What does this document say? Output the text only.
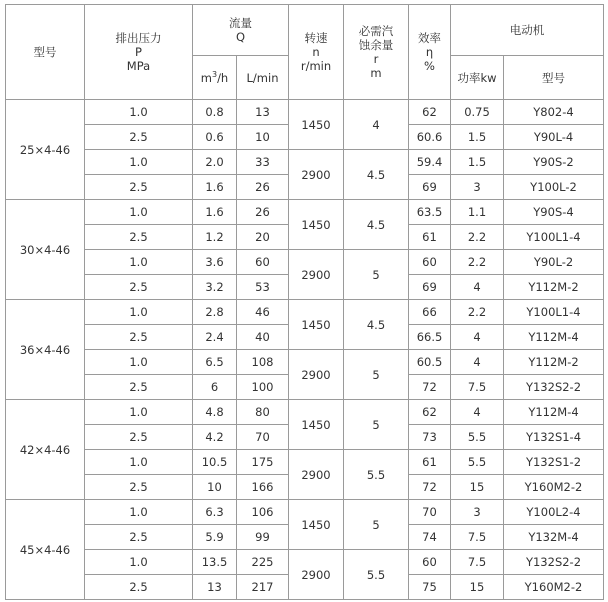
型号	排出压力
P
MPa	流量
Q		转速
n
r/min	必需汽
蚀余量
r
m	效率
η
%	电动机	
		$m^3/h$	L/min				功率kw	型号
25×4-46	1.0	0.8	13	1450	4	62	0.75	Y802-4
	2.5	0.6	10			60.6	1.5	Y90L-4
	1.0	2.0	33	2900	4.5	59.4	1.5	Y90S-2
	2.5	1.6	26			69	3	Y100L-2
30×4-46	1.0	1.6	26	1450	4.5	63.5	1.1	Y90S-4
	2.5	1.2	20			61	2.2	Y100L1-4
	1.0	3.6	60	2900	5	60	2.2	Y90L-2
	2.5	3.2	53			69	4	Y112M-2
36×4-46	1.0	2.8	46	1450	4.5	66	2.2	Y100L1-4
	2.5	2.4	40			66.5	4	Y112M-4
	1.0	6.5	108	2900	5	60.5	4	Y112M-2
	2.5	6	100			72	7.5	Y132S2-2
42×4-46	1.0	4.8	80	1450	5	62	4	Y112M-4
	2.5	4.2	70			73	5.5	Y132S1-4
	1.0	10.5	175	2900	5.5	61	5.5	Y132S1-2
	2.5	10	166			72	15	Y160M2-2
45×4-46	1.0	6.3	106	1450	5	70	3	Y100L2-4
	2.5	5.9	99			74	7.5	Y132M-4
	1.0	13.5	225	2900	5.5	60	7.5	Y132S2-2
	2.5	13	217			75	15	Y160M2-2
